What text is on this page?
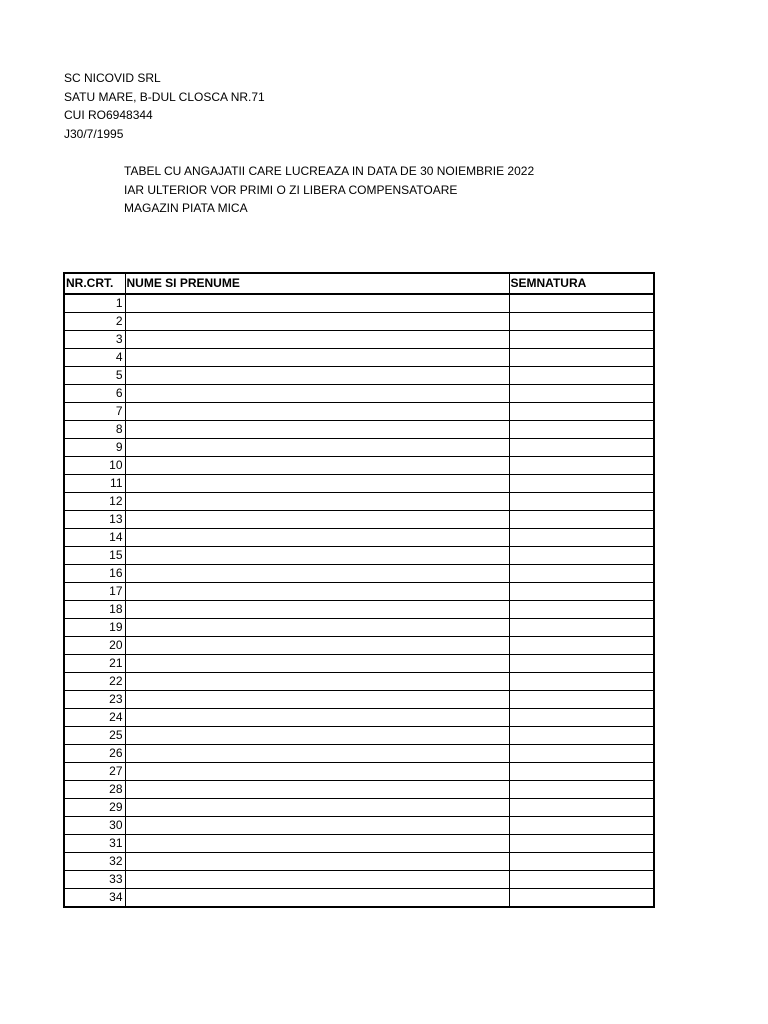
SC NICOVID SRL
SATU MARE, B-DUL CLOSCA NR.71
CUI RO6948344
J30/7/1995
TABEL CU ANGAJATII CARE LUCREAZA IN DATA DE 30 NOIEMBRIE 2022
IAR ULTERIOR VOR PRIMI O ZI LIBERA COMPENSATOARE
MAGAZIN PIATA MICA
NR.CRT.	NUME SI PRENUME	SEMNATURA
1		
2		
3		
4		
5		
6		
7		
8		
9		
10		
11		
12		
13		
14		
15		
16		
17		
18		
19		
20		
21		
22		
23		
24		
25		
26		
27		
28		
29		
30		
31		
32		
33		
34		
